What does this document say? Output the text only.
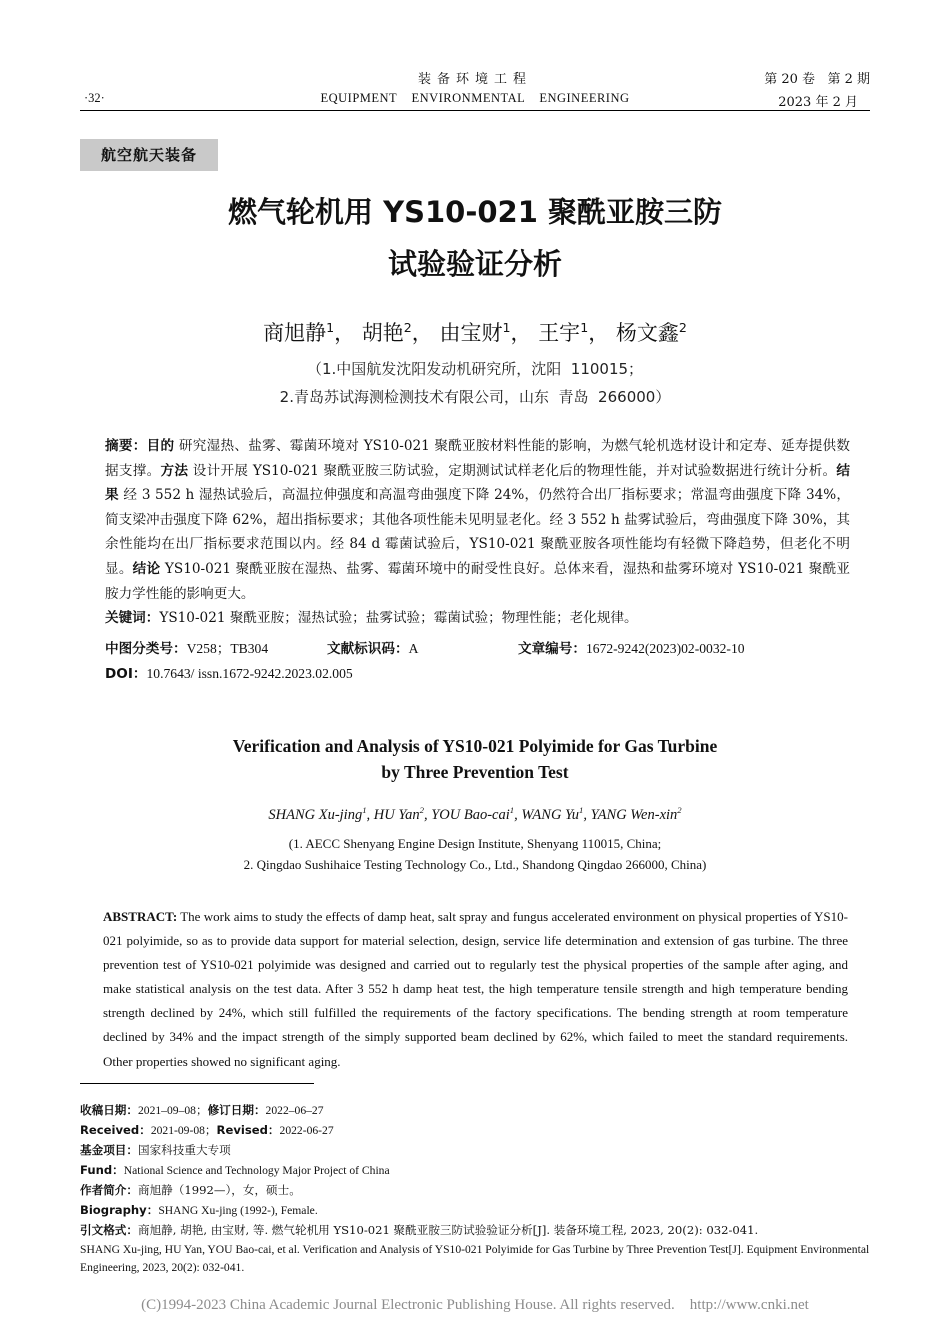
装备环境工程
EQUIPMENT    ENVIRONMENTAL    ENGINEERING
·32·
第 20 卷   第 2 期
2023 年 2 月
航空航天装备
燃气轮机用 YS10-021 聚酰亚胺三防
试验验证分析
商旭静$^1$， 胡艳$^2$， 由宝财$^1$， 王宇$^1$， 杨文鑫$^2$
（1.中国航发沈阳发动机研究所，沈阳  110015；
2.青岛苏试海测检测技术有限公司，山东  青岛  266000）
摘要：目的 研究湿热、盐雾、霉菌环境对 YS10-021 聚酰亚胺材料性能的影响，为燃气轮机选材设计和定寿、延寿提供数据支撑。方法 设计开展 YS10-021 聚酰亚胺三防试验，定期测试试样老化后的物理性能，并对试验数据进行统计分析。结果 经 3 552 h 湿热试验后，高温拉伸强度和高温弯曲强度下降 24%，仍然符合出厂指标要求；常温弯曲强度下降 34%，简支梁冲击强度下降 62%，超出指标要求；其他各项性能未见明显老化。经 3 552 h 盐雾试验后，弯曲强度下降 30%，其余性能均在出厂指标要求范围以内。经 84 d 霉菌试验后，YS10-021 聚酰亚胺各项性能均有轻微下降趋势，但老化不明显。结论 YS10-021 聚酰亚胺在湿热、盐雾、霉菌环境中的耐受性良好。总体来看，湿热和盐雾环境对 YS10-021 聚酰亚胺力学性能的影响更大。
关键词：YS10-021 聚酰亚胺；湿热试验；盐雾试验；霉菌试验；物理性能；老化规律。
中图分类号：V258；TB304	文献标识码：A	文章编号：1672-9242(2023)02-0032-10
DOI：10.7643/ issn.1672-9242.2023.02.005
Verification and Analysis of YS10-021 Polyimide for Gas Turbine
by Three Prevention Test
SHANG Xu-jing$^1$, HU Yan$^2$, YOU Bao-cai$^1$, WANG Yu$^1$, YANG Wen-xin$^2$
(1. AECC Shenyang Engine Design Institute, Shenyang 110015, China;
2. Qingdao Sushihaice Testing Technology Co., Ltd., Shandong Qingdao 266000, China)
ABSTRACT: The work aims to study the effects of damp heat, salt spray and fungus accelerated environment on physical properties of YS10-021 polyimide, so as to provide data support for material selection, design, service life determination and extension of gas turbine. The three prevention test of YS10-021 polyimide was designed and carried out to regularly test the physical properties of the sample after aging, and make statistical analysis on the test data. After 3 552 h damp heat test, the high temperature tensile strength and high temperature bending strength declined by 24%, which still fulfilled the requirements of the factory specifications. The bending strength at room temperature declined by 34% and the impact strength of the simply supported beam declined by 62%, which failed to meet the standard requirements. Other properties showed no significant aging.
收稿日期：2021–09–08；修订日期：2022–06–27
Received：2021-09-08；Revised：2022-06-27
基金项目：国家科技重大专项
Fund：National Science and Technology Major Project of China
作者简介：商旭静（1992—），女，硕士。
Biography：SHANG Xu-jing (1992-), Female.
引文格式：商旭静, 胡艳, 由宝财, 等. 燃气轮机用 YS10-021 聚酰亚胺三防试验验证分析[J]. 装备环境工程, 2023, 20(2): 032-041.
SHANG Xu-jing, HU Yan, YOU Bao-cai, et al. Verification and Analysis of YS10-021 Polyimide for Gas Turbine by Three Prevention Test[J]. Equipment Environmental Engineering, 2023, 20(2): 032-041.
(C)1994-2023 China Academic Journal Electronic Publishing House. All rights reserved.    http://www.cnki.net
